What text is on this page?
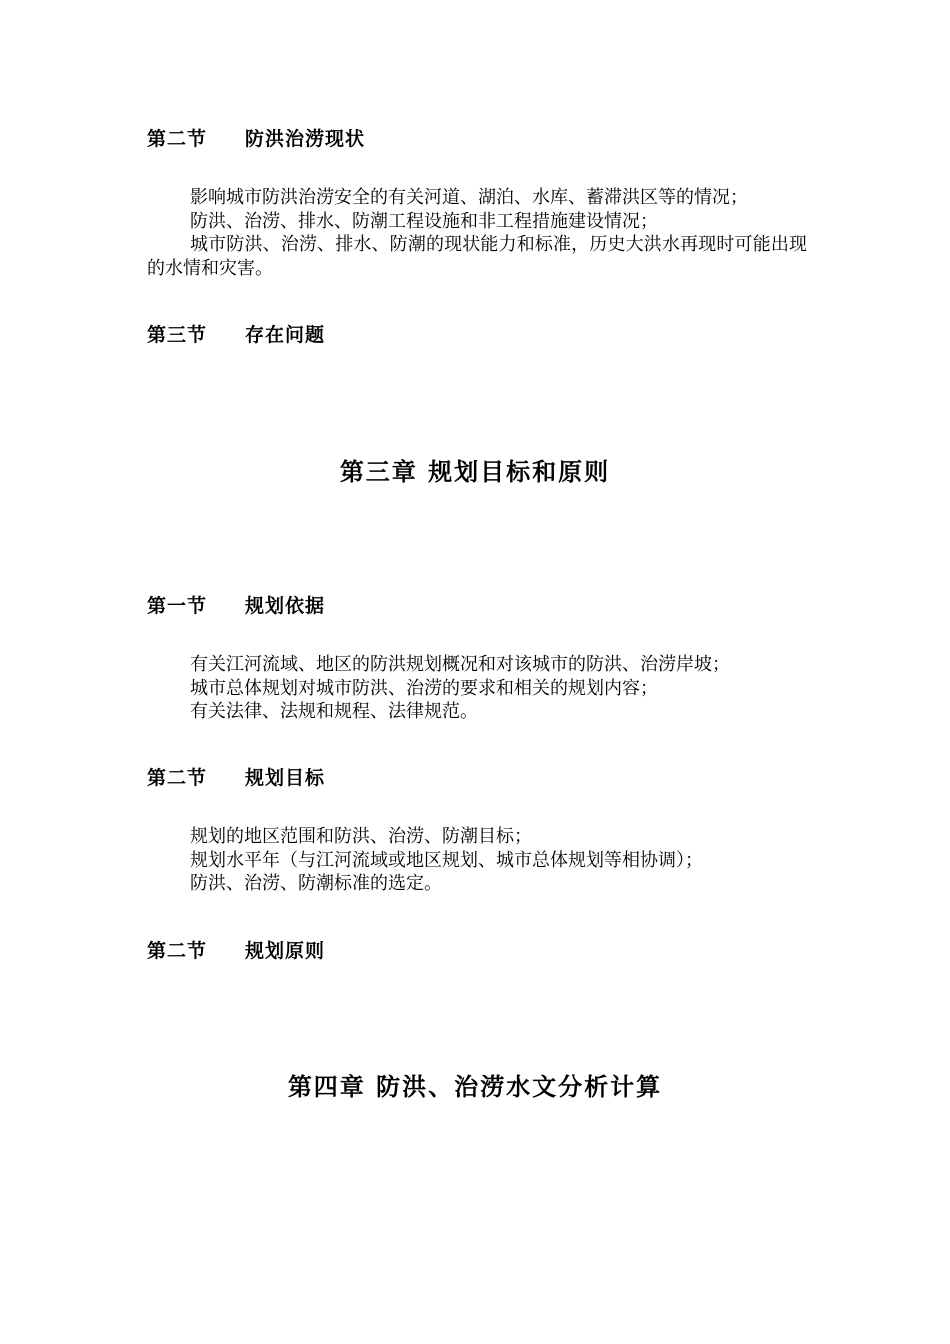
第二节 防洪治涝现状

影响城市防洪治涝安全的有关河道、湖泊、水库、蓄滞洪区等的情况；

防洪、治涝、排水、防潮工程设施和非工程措施建设情况；

城市防洪、治涝、排水、防潮的现状能力和标准，历史大洪水再现时可能出现的水情和灾害。

第三节 存在问题
第三章 规划目标和原则
第一节 规划依据

有关江河流域、地区的防洪规划概况和对该城市的防洪、治涝岸坡；

城市总体规划对城市防洪、治涝的要求和相关的规划内容；

有关法律、法规和规程、法律规范。

第二节 规划目标

规划的地区范围和防洪、治涝、防潮目标；

规划水平年（与江河流域或地区规划、城市总体规划等相协调）；

防洪、治涝、防潮标准的选定。

第二节 规划原则
第四章 防洪、治涝水文分析计算
